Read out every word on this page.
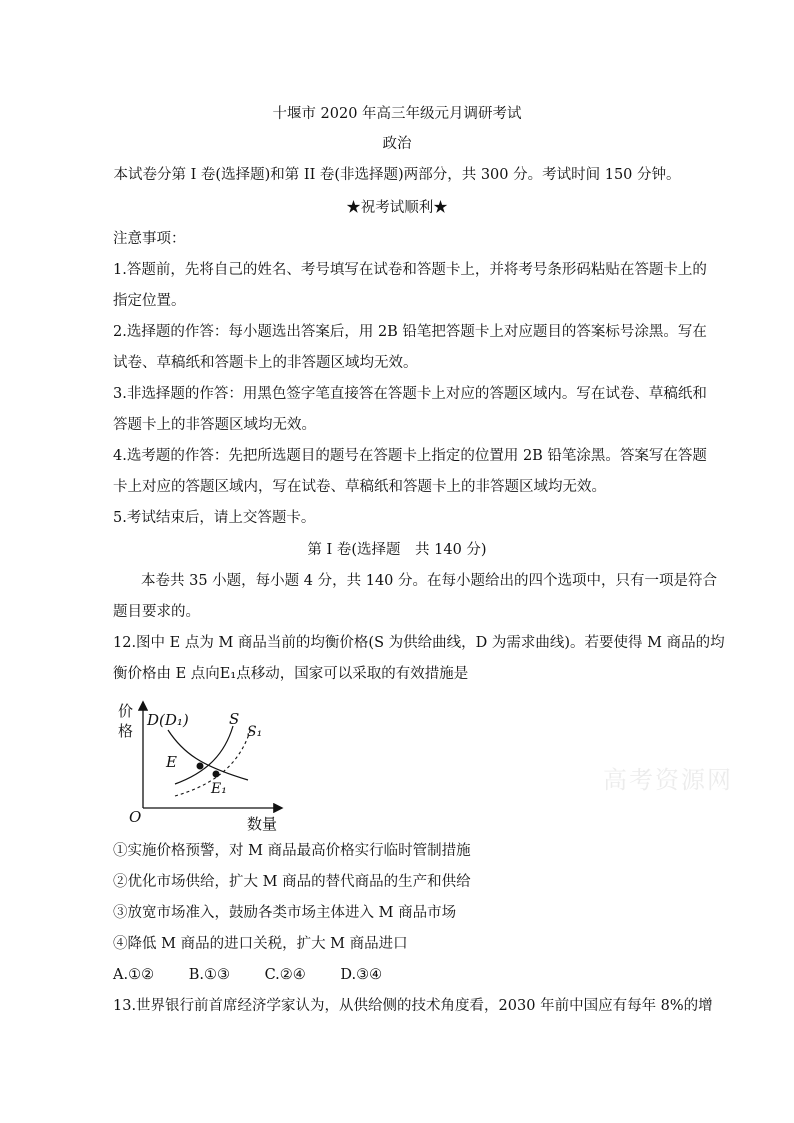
十堰市 2020 年高三年级元月调研考试
政治
本试卷分第 I 卷(选择题)和第 II 卷(非选择题)两部分，共 300 分。考试时间 150 分钟。
★祝考试顺利★
注意事项：
1.答题前，先将自己的姓名、考号填写在试卷和答题卡上，并将考号条形码粘贴在答题卡上的
指定位置。
2.选择题的作答：每小题选出答案后，用 2B 铅笔把答题卡上对应题目的答案标号涂黑。写在
试卷、草稿纸和答题卡上的非答题区域均无效。
3.非选择题的作答：用黑色签字笔直接答在答题卡上对应的答题区域内。写在试卷、草稿纸和
答题卡上的非答题区域均无效。
4.选考题的作答：先把所选题目的题号在答题卡上指定的位置用 2B 铅笔涂黑。答案写在答题
卡上对应的答题区域内，写在试卷、草稿纸和答题卡上的非答题区域均无效。
5.考试结束后，请上交答题卡。
第 I 卷(选择题　共 140 分)
本卷共 35 小题，每小题 4 分，共 140 分。在每小题给出的四个选项中，只有一项是符合
题目要求的。
12.图中 E 点为 M 商品当前的均衡价格(S 为供给曲线，D 为需求曲线)。若要使得 M 商品的均
衡价格由 E 点向E₁点移动，国家可以采取的有效措施是
价
格
D(D₁)	S
S₁
E
E₁
O	数量
高考资源网
①实施价格预警，对 M 商品最高价格实行临时管制措施
②优化市场供给，扩大 M 商品的替代商品的生产和供给
③放宽市场准入，鼓励各类市场主体进入 M 商品市场
④降低 M 商品的进口关税，扩大 M 商品进口
A.①② B.①③ C.②④ D.③④
13.世界银行前首席经济学家认为，从供给侧的技术角度看，2030 年前中国应有每年 8%的增
